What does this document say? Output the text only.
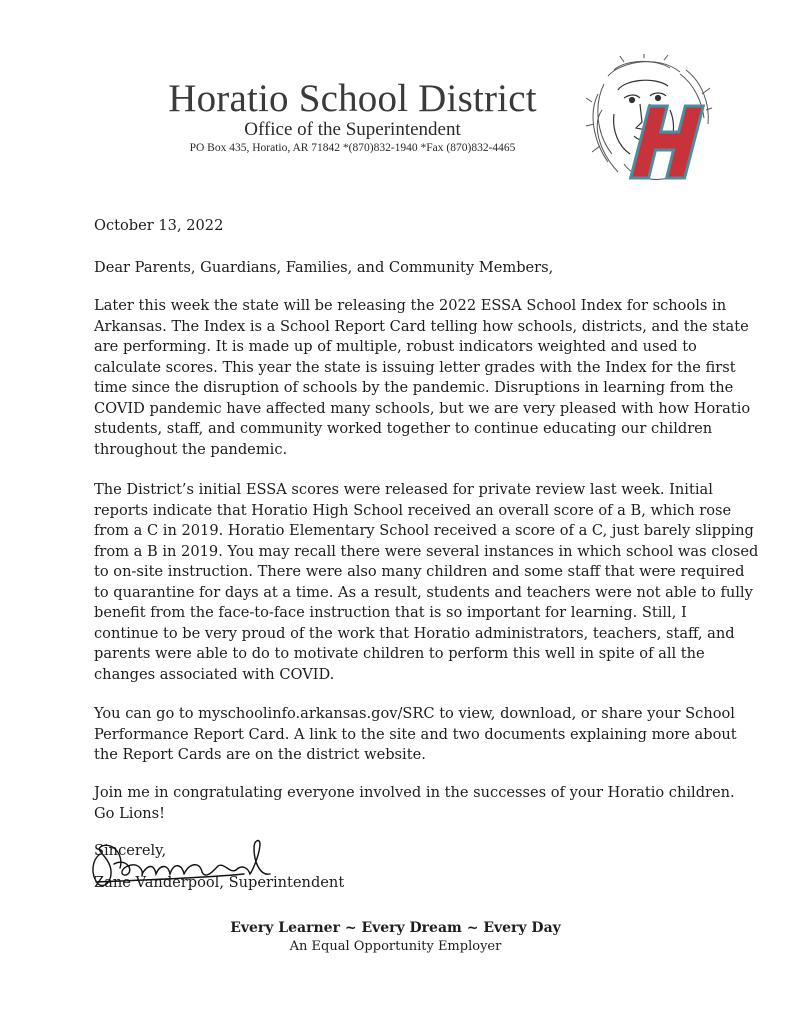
Horatio School District
Office of the Superintendent
PO Box 435, Horatio, AR 71842 *(870)832-1940 *Fax (870)832-4465
October 13, 2022
Dear Parents, Guardians, Families, and Community Members,
Later this week the state will be releasing the 2022 ESSA School Index for schools in
Arkansas. The Index is a School Report Card telling how schools, districts, and the state
are performing. It is made up of multiple, robust indicators weighted and used to
calculate scores. This year the state is issuing letter grades with the Index for the first
time since the disruption of schools by the pandemic. Disruptions in learning from the
COVID pandemic have affected many schools, but we are very pleased with how Horatio
students, staff, and community worked together to continue educating our children
throughout the pandemic.
The District’s initial ESSA scores were released for private review last week. Initial
reports indicate that Horatio High School received an overall score of a B, which rose
from a C in 2019. Horatio Elementary School received a score of a C, just barely slipping
from a B in 2019. You may recall there were several instances in which school was closed
to on-site instruction. There were also many children and some staff that were required
to quarantine for days at a time. As a result, students and teachers were not able to fully
benefit from the face-to-face instruction that is so important for learning. Still, I
continue to be very proud of the work that Horatio administrators, teachers, staff, and
parents were able to do to motivate children to perform this well in spite of all the
changes associated with COVID.
You can go to myschoolinfo.arkansas.gov/SRC to view, download, or share your School
Performance Report Card. A link to the site and two documents explaining more about
the Report Cards are on the district website.
Join me in congratulating everyone involved in the successes of your Horatio children.
Go Lions!
Sincerely,
Zane Vanderpool, Superintendent
Every Learner ~ Every Dream ~ Every Day
An Equal Opportunity Employer
